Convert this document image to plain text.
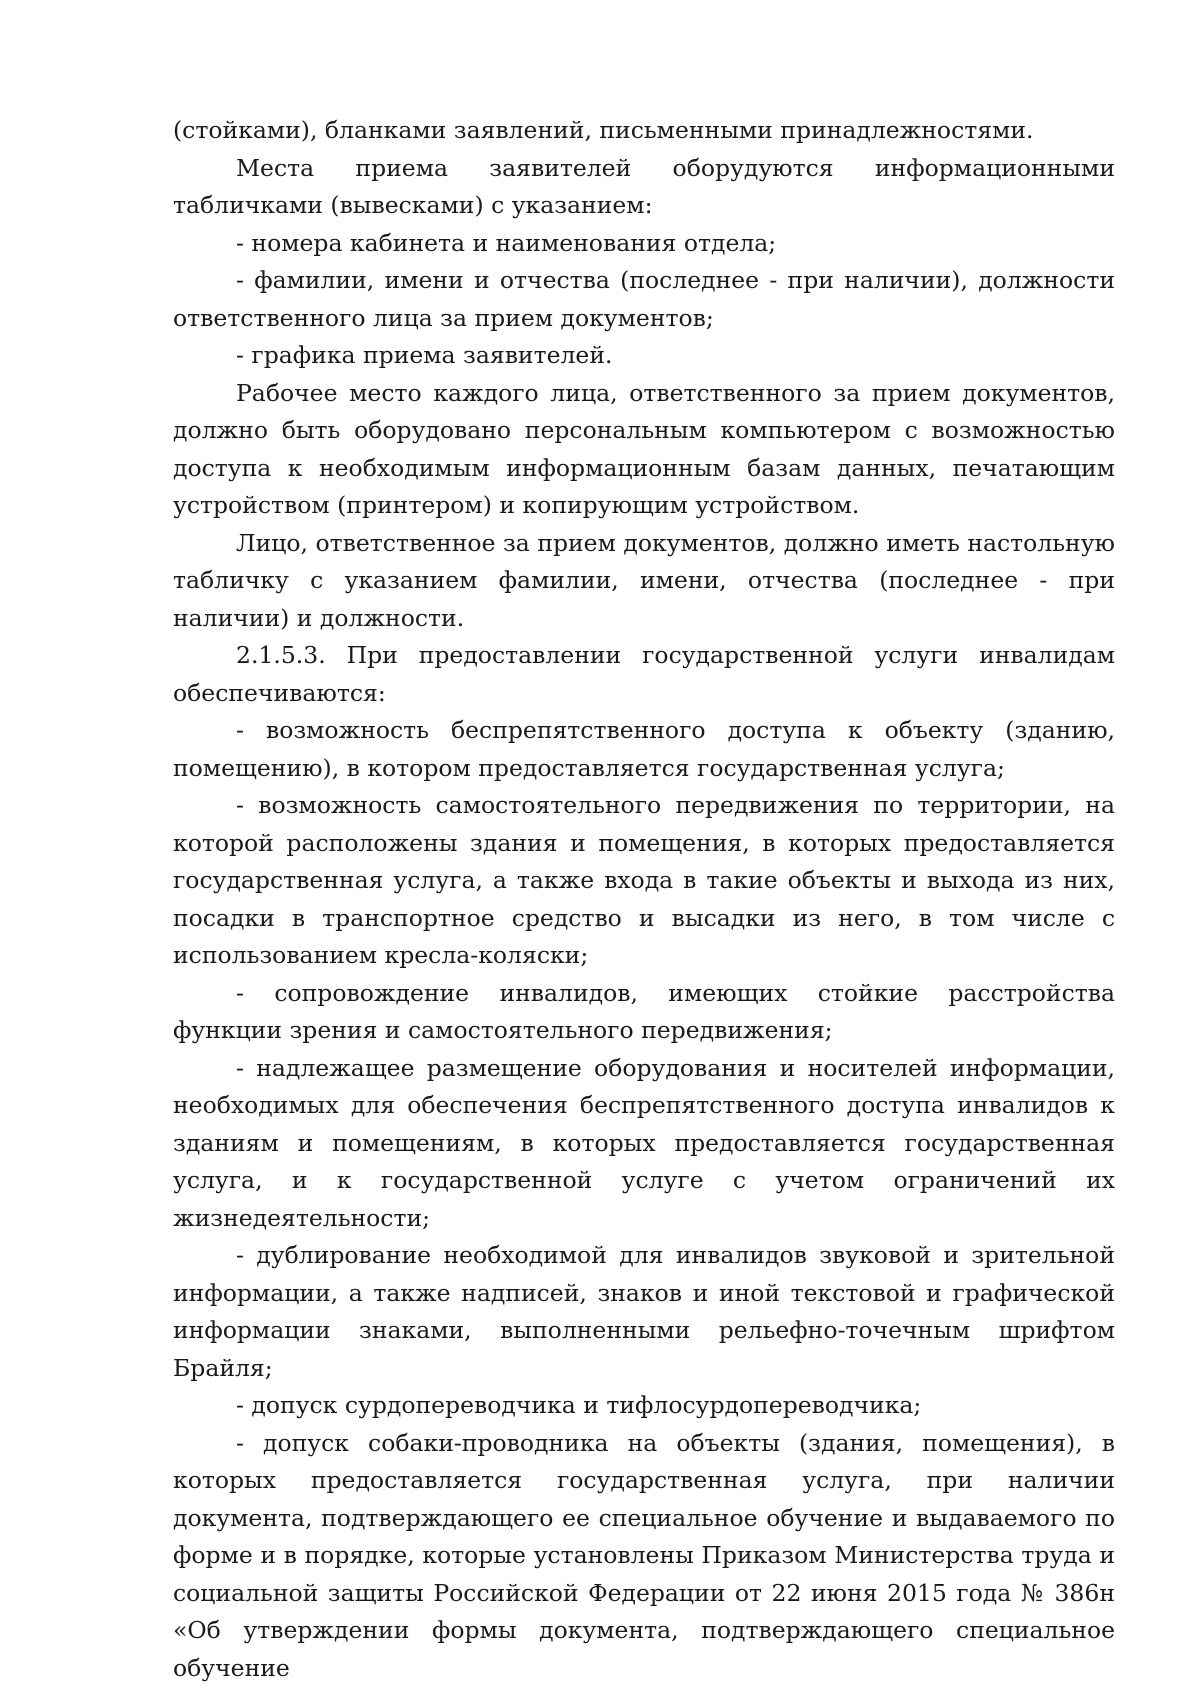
(стойками), бланками заявлений, письменными принадлежностями.

Места приема заявителей оборудуются информационными табличками (вывесками) с указанием:

- номера кабинета и наименования отдела;

- фамилии, имени и отчества (последнее - при наличии), должности ответственного лица за прием документов;

- графика приема заявителей.

Рабочее место каждого лица, ответственного за прием документов, должно быть оборудовано персональным компьютером с возможностью доступа к необходимым информационным базам данных, печатающим устройством (принтером) и копирующим устройством.

Лицо, ответственное за прием документов, должно иметь настольную табличку с указанием фамилии, имени, отчества (последнее - при наличии) и должности.

2.1.5.3. При предоставлении государственной услуги инвалидам обеспечиваются:

- возможность беспрепятственного доступа к объекту (зданию, помещению), в котором предоставляется государственная услуга;

- возможность самостоятельного передвижения по территории, на которой расположены здания и помещения, в которых предоставляется государственная услуга, а также входа в такие объекты и выхода из них, посадки в транспортное средство и высадки из него, в том числе с использованием кресла-коляски;

- сопровождение инвалидов, имеющих стойкие расстройства функции зрения и самостоятельного передвижения;

- надлежащее размещение оборудования и носителей информации, необходимых для обеспечения беспрепятственного доступа инвалидов к зданиям и помещениям, в которых предоставляется государственная услуга, и к государственной услуге с учетом ограничений их жизнедеятельности;

- дублирование необходимой для инвалидов звуковой и зрительной информации, а также надписей, знаков и иной текстовой и графической информации знаками, выполненными рельефно-точечным шрифтом Брайля;

- допуск сурдопереводчика и тифлосурдопереводчика;

- допуск собаки-проводника на объекты (здания, помещения), в которых предоставляется государственная услуга, при наличии документа, подтверждающего ее специальное обучение и выдаваемого по форме и в порядке, которые установлены Приказом Министерства труда и социальной защиты Российской Федерации от 22 июня 2015 года № 386н «Об утверждении формы документа, подтверждающего специальное обучение
